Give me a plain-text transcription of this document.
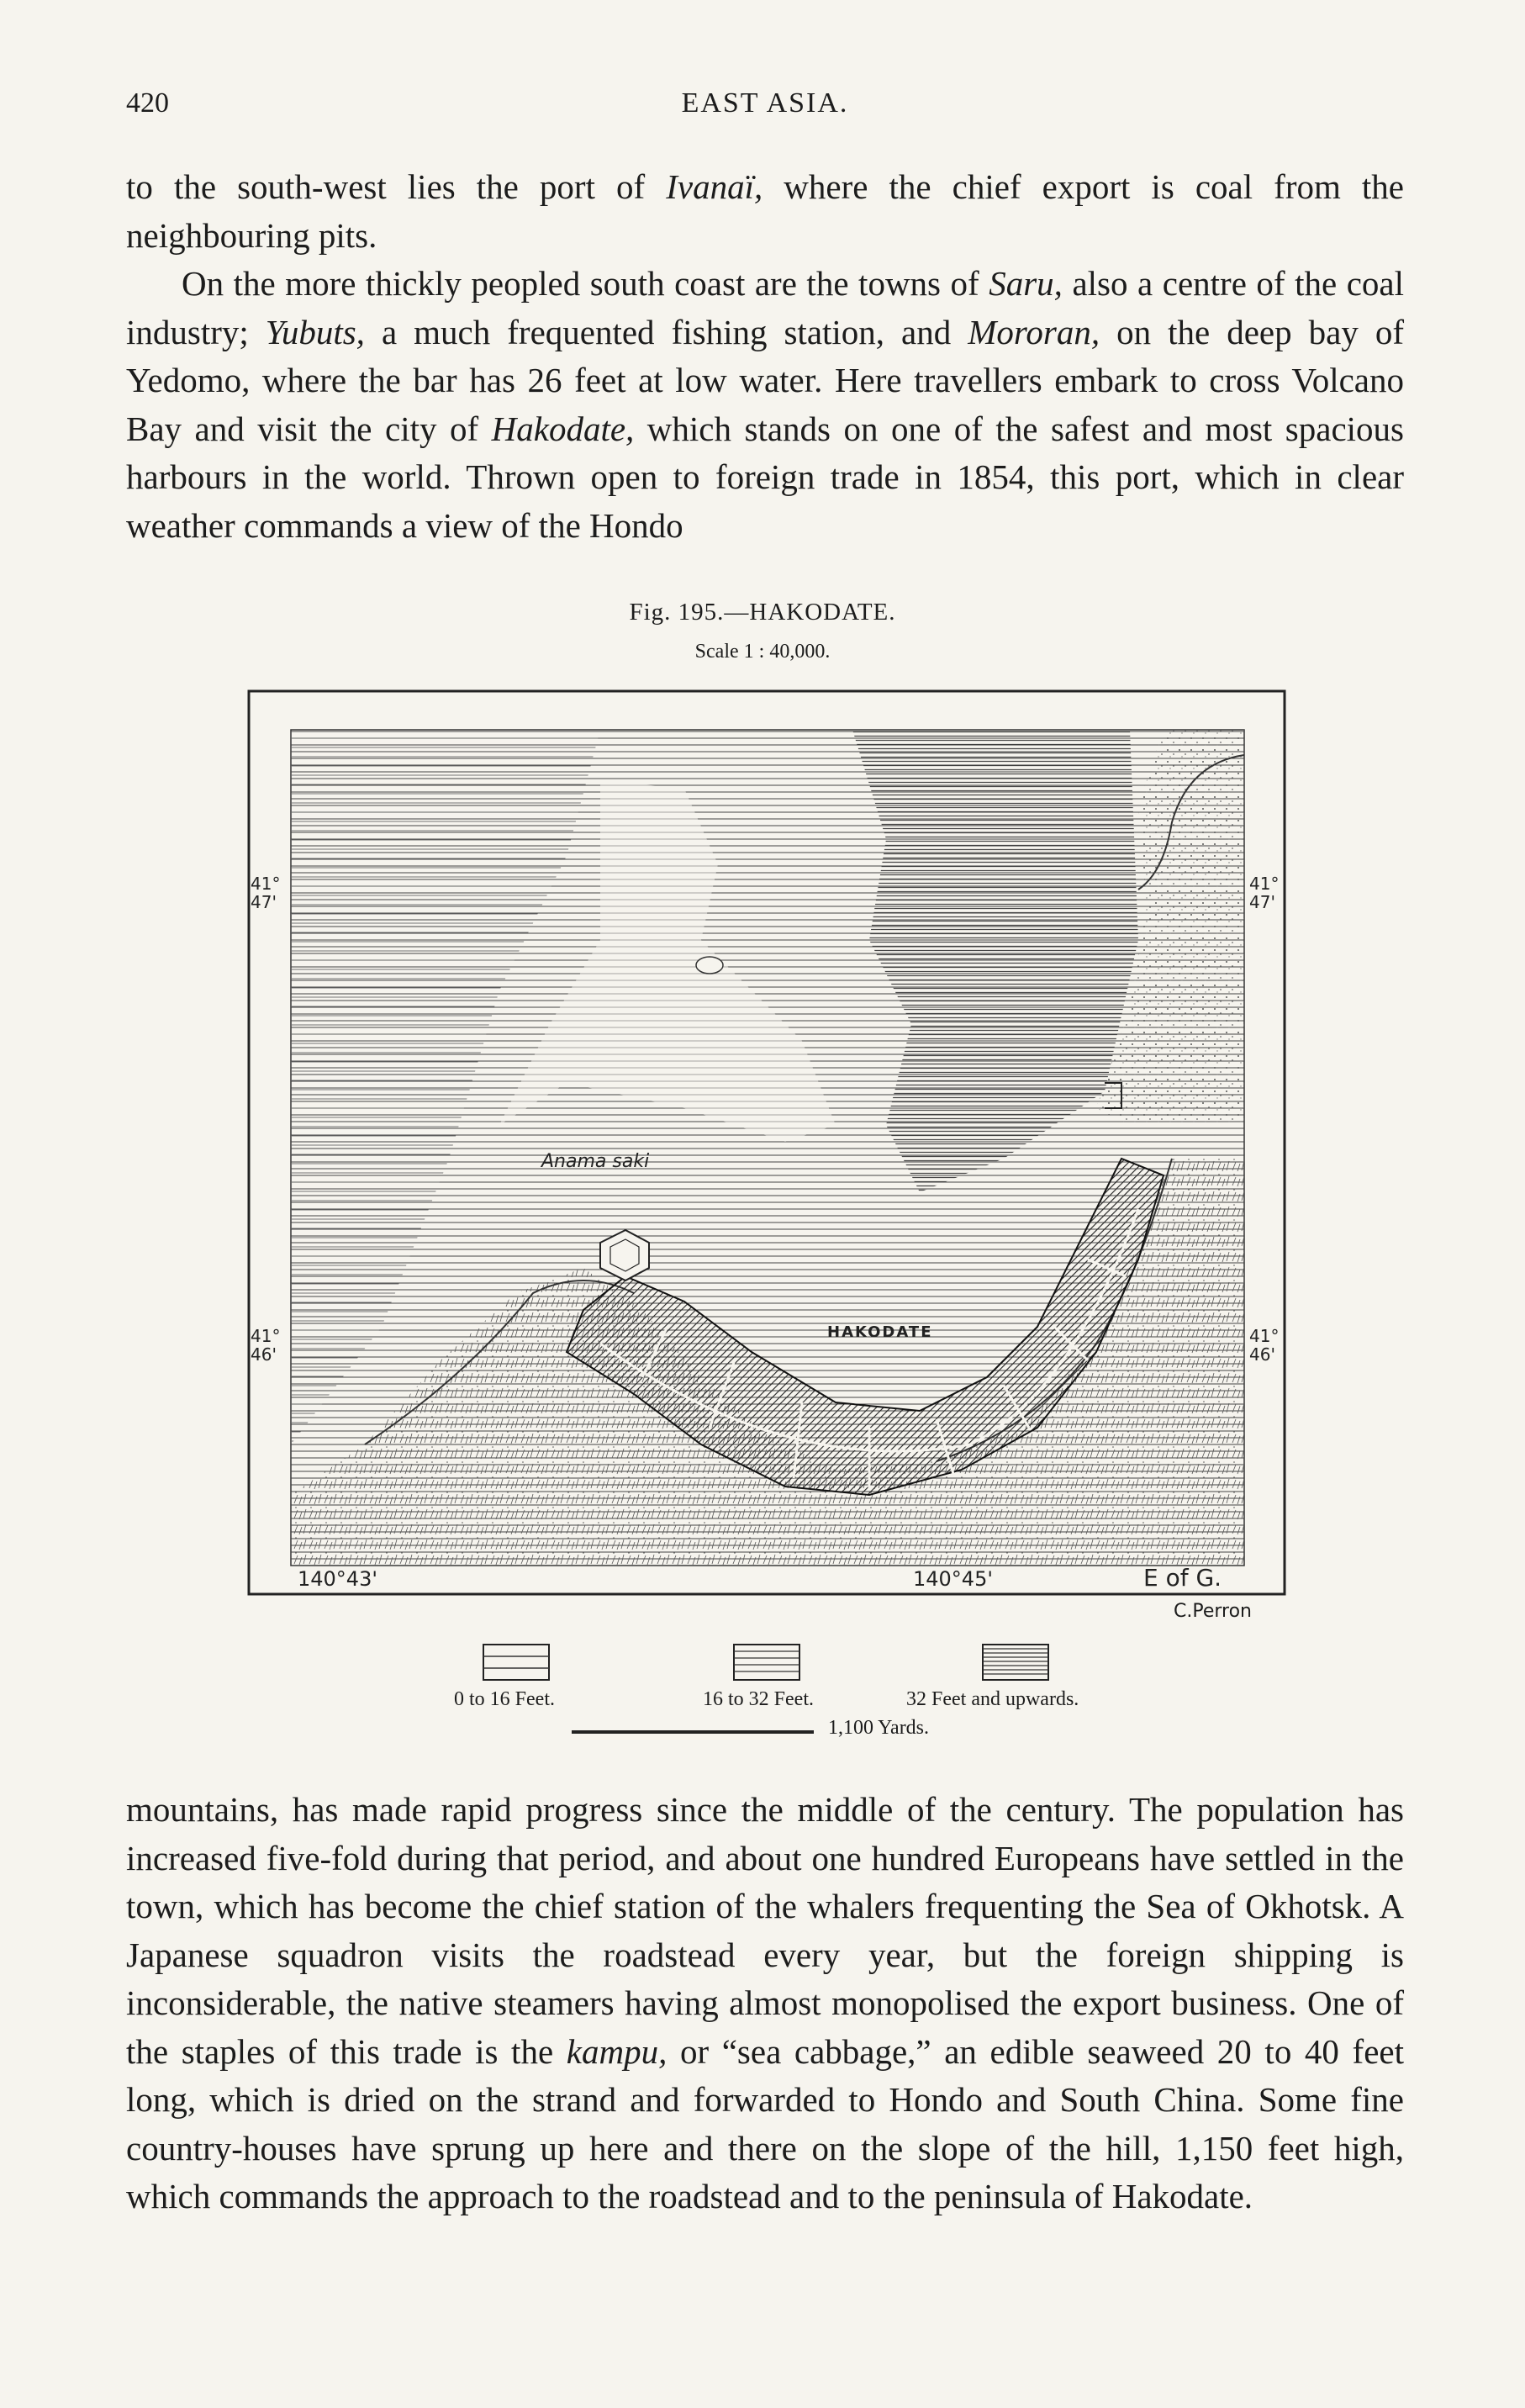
420	EAST ASIA.

to the south-west lies the port of Ivanaï, where the chief export is coal from the neighbouring pits.

On the more thickly peopled south coast are the towns of Saru, also a centre of the coal industry; Yubuts, a much frequented fishing station, and Mororan, on the deep bay of Yedomo, where the bar has 26 feet at low water. Here travellers embark to cross Volcano Bay and visit the city of Hakodate, which stands on one of the safest and most spacious harbours in the world. Thrown open to foreign trade in 1854, this port, which in clear weather commands a view of the Hondo

Fig. 195.—HAKODATE.
Scale 1 : 40,000.
41°
47'
41°
47'
41°
46'
41°
46'
140°43'	140°45'	E of G.
Anama saki
HAKODATE
C.Perron
0 to 16 Feet.	16 to 32 Feet.	32 Feet and upwards.
1,100 Yards.

mountains, has made rapid progress since the middle of the century. The population has increased five-fold during that period, and about one hundred Europeans have settled in the town, which has become the chief station of the whalers frequenting the Sea of Okhotsk. A Japanese squadron visits the roadstead every year, but the foreign shipping is inconsiderable, the native steamers having almost monopolised the export business. One of the staples of this trade is the kampu, or “sea cabbage,” an edible seaweed 20 to 40 feet long, which is dried on the strand and forwarded to Hondo and South China. Some fine country-houses have sprung up here and there on the slope of the hill, 1,150 feet high, which commands the approach to the roadstead and to the peninsula of Hakodate.
